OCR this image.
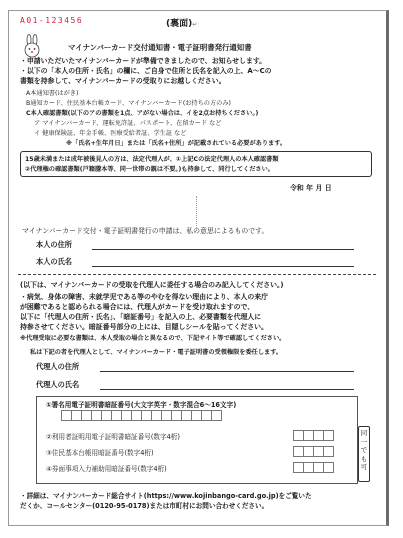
A01-123456	(裏面)↵
マイナンバーカード交付通知書・電子証明書発行通知書
・申請いただいたマイナンバーカードが準備できましたので、お知らせします。
・以下の「本人の住所・氏名」の欄に、ご自身で住所と氏名を記入の上、A〜Cの
書類を持参して、マイナンバーカードの受取りにお越しください。
A本通知書(はがき)
B通知カード、住民基本台帳カード、マイナンバーカード(お持ちの方のみ)
C本人確認書類(以下のアの書類を1点、アがない場合は、イを2点お持ちください。)
ア マイナンバーカード、運転免許証、パスポート、在留カード など
イ 健康保険証、年金手帳、医療受給者証、学生証 など
※「氏名+生年月日」または「氏名+住所」が記載されている必要があります。
15歳未満または成年被後見人の方は、法定代理人が、①上記Cの法定代理人の本人確認書類
②代理権の確認書類(戸籍謄本等、同一世帯の親は不要。)も持参して、同行してください。
令和 年 月 日
マイナンバーカード交付・電子証明書発行の申請は、私の意思によるものです。
本人の住所
本人の氏名
(以下は、マイナンバーカードの受取を代理人に委任する場合のみ記入してください。)
・病気、身体の障害、未就学児である等のやむを得ない理由により、本人の来庁
が困難であると認められる場合には、代理人がカードを受け取れますので、
以下に「代理人の住所・氏名」、「暗証番号」を記入の上、必要書類を代理人に
持参させてください。暗証番号部分の上には、目隠しシールを貼ってください。
※代理受取に必要な書類は、本人受取の場合と異なるので、下記サイト等で確認してください。
私は下記の者を代理人として、マイナンバーカード・電子証明書の受領権限を委任します。
代理人の住所
代理人の氏名
①署名用電子証明書暗証番号(大文字英字・数字混合6〜16文字)
②利用者証明用電子証明書暗証番号(数字4桁)
③住民基本台帳用暗証番号(数字4桁)
④券面事項入力補助用暗証番号(数字4桁)
同一でも可
・詳細は、マイナンバーカード総合サイト(https://www.kojinbango-card.go.jp)をご覧いた
だくか、コールセンター(0120-95-0178)または市町村にお問い合わせください。
